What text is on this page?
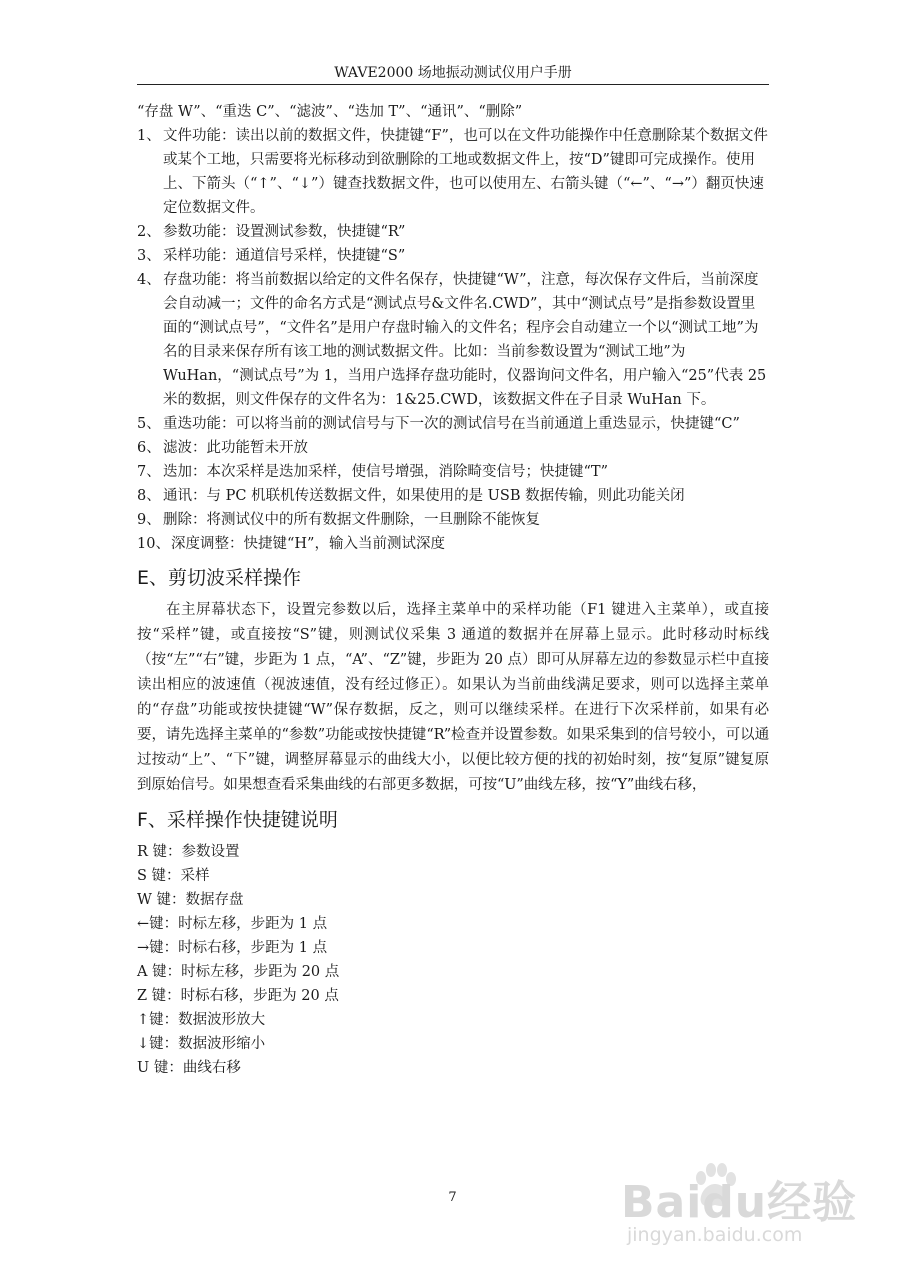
WAVE2000 场地振动测试仪用户手册
“存盘 W”、“重迭 C”、“滤波”、“迭加 T”、“通讯”、“删除”
1、 文件功能：读出以前的数据文件，快捷键“F”，也可以在文件功能操作中任意删除某个数据文件或某个工地，只需要将光标移动到欲删除的工地或数据文件上，按“D”键即可完成操作。使用上、下箭头（“↑”、“↓”）键查找数据文件，也可以使用左、右箭头键（“←”、“→”）翻页快速定位数据文件。
2、 参数功能：设置测试参数，快捷键“R”
3、 采样功能：通道信号采样，快捷键“S”
4、 存盘功能：将当前数据以给定的文件名保存，快捷键“W”，注意，每次保存文件后，当前深度会自动减一；文件的命名方式是“测试点号&文件名.CWD”，其中“测试点号”是指参数设置里面的“测试点号”，“文件名”是用户存盘时输入的文件名；程序会自动建立一个以“测试工地”为名的目录来保存所有该工地的测试数据文件。比如：当前参数设置为“测试工地”为 WuHan，“测试点号”为 1，当用户选择存盘功能时，仪器询问文件名，用户输入“25”代表 25 米的数据，则文件保存的文件名为：1&25.CWD，该数据文件在子目录 WuHan 下。
5、 重迭功能：可以将当前的测试信号与下一次的测试信号在当前通道上重迭显示，快捷键“C”
6、 滤波：此功能暂未开放
7、 迭加：本次采样是迭加采样，使信号增强，消除畸变信号；快捷键“T”
8、 通讯：与 PC 机联机传送数据文件，如果使用的是 USB 数据传输，则此功能关闭
9、 删除：将测试仪中的所有数据文件删除，一旦删除不能恢复
10、 深度调整：快捷键“H”，输入当前测试深度
E、剪切波采样操作
在主屏幕状态下，设置完参数以后，选择主菜单中的采样功能（F1 键进入主菜单），或直接按“采样”键，或直接按“S”键，则测试仪采集 3 通道的数据并在屏幕上显示。此时移动时标线（按“左”“右”键，步距为 1 点，“A”、“Z”键，步距为 20 点）即可从屏幕左边的参数显示栏中直接读出相应的波速值（视波速值，没有经过修正）。如果认为当前曲线满足要求，则可以选择主菜单的“存盘”功能或按快捷键“W”保存数据，反之，则可以继续采样。在进行下次采样前，如果有必要，请先选择主菜单的“参数”功能或按快捷键“R”检查并设置参数。如果采集到的信号较小，可以通过按动“上”、“下”键，调整屏幕显示的曲线大小，以便比较方便的找的初始时刻，按“复原”键复原到原始信号。如果想查看采集曲线的右部更多数据，可按“U”曲线左移，按“Y”曲线右移，
F、采样操作快捷键说明
R 键：参数设置
S 键：采样
W 键：数据存盘
←键：时标左移，步距为 1 点
→键：时标右移，步距为 1 点
A 键：时标左移，步距为 20 点
Z 键：时标右移，步距为 20 点
↑键：数据波形放大
↓键：数据波形缩小
U 键：曲线右移
7	Baidu经验
jingyan.baidu.com
